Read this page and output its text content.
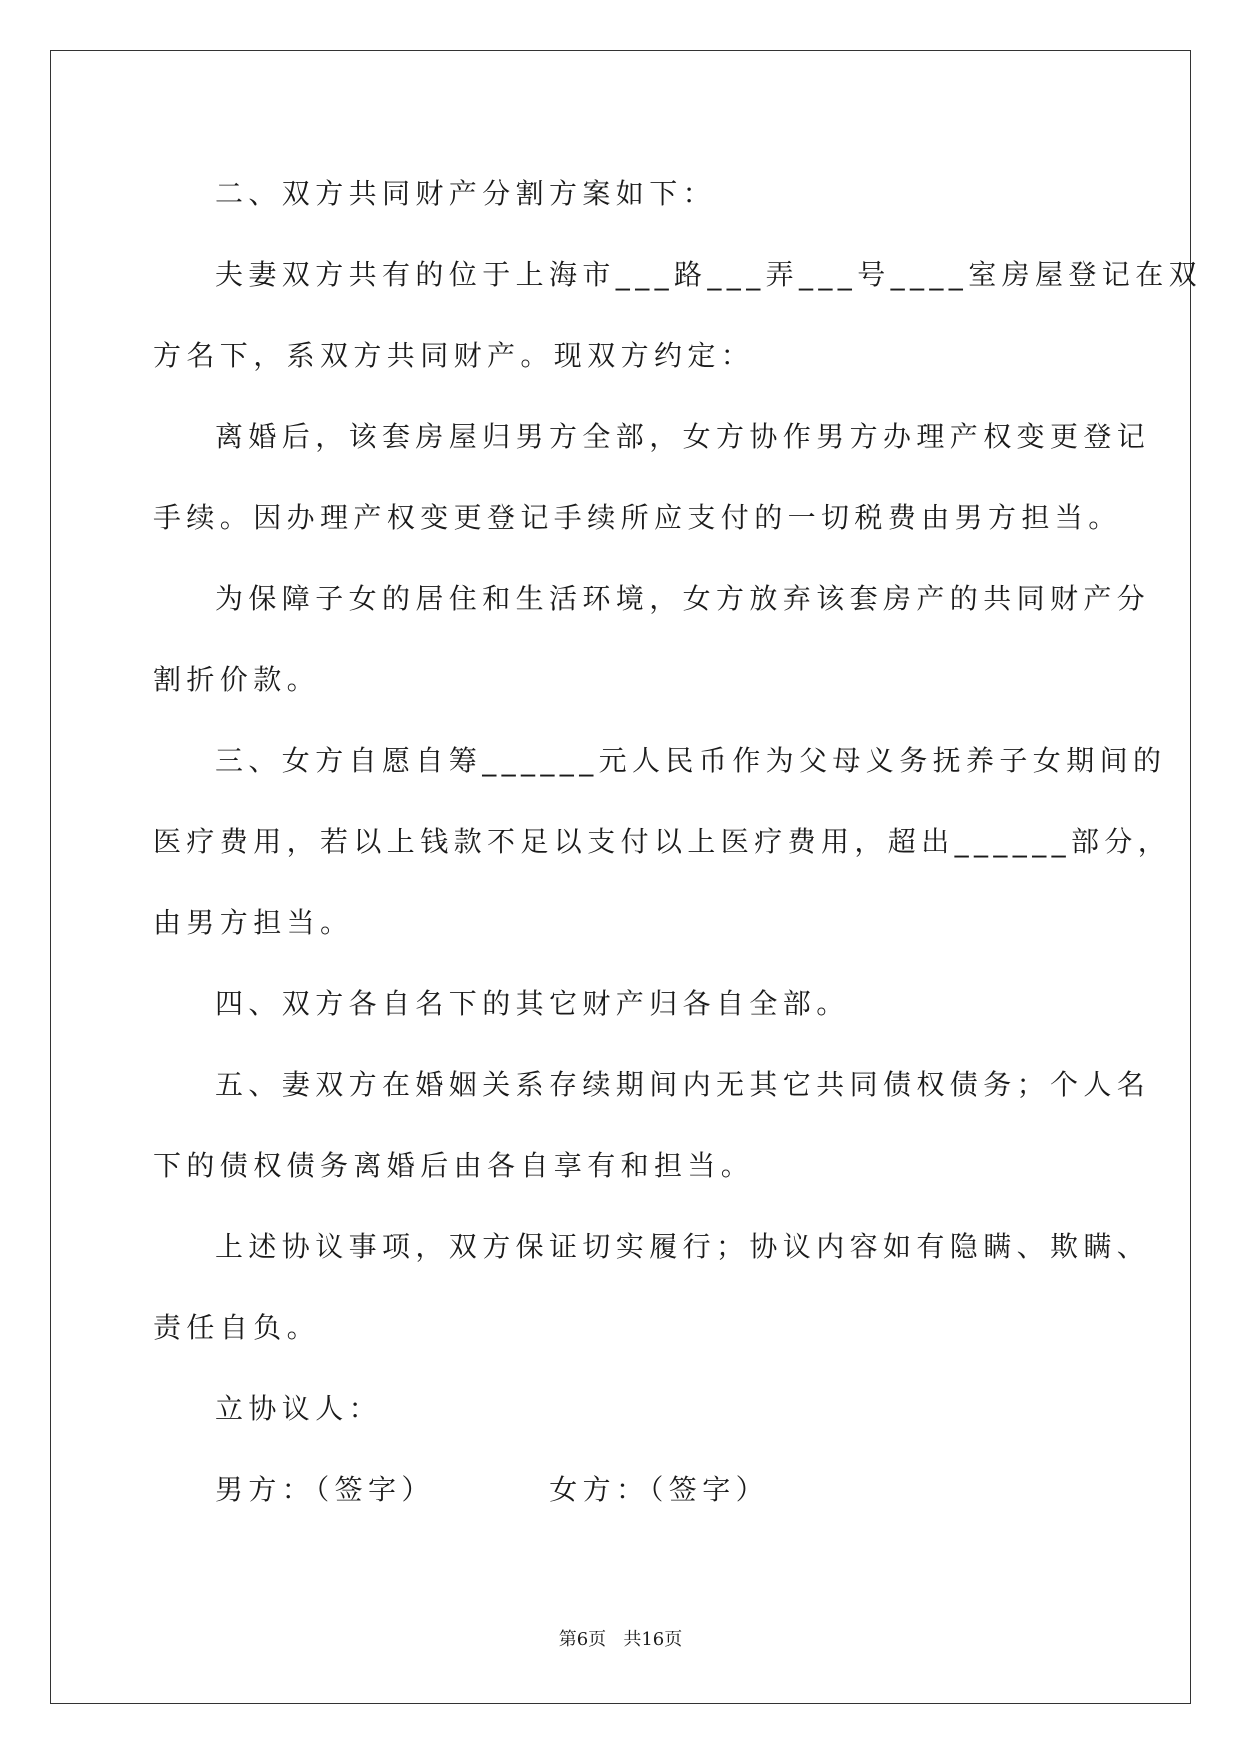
二、双方共同财产分割方案如下：
夫妻双方共有的位于上海市___路___弄___号____室房屋登记在双
方名下，系双方共同财产。现双方约定：
离婚后，该套房屋归男方全部，女方协作男方办理产权变更登记
手续。因办理产权变更登记手续所应支付的一切税费由男方担当。
为保障子女的居住和生活环境，女方放弃该套房产的共同财产分
割折价款。
三、女方自愿自筹______元人民币作为父母义务抚养子女期间的
医疗费用，若以上钱款不足以支付以上医疗费用，超出______部分，
由男方担当。
四、双方各自名下的其它财产归各自全部。
五、妻双方在婚姻关系存续期间内无其它共同债权债务；个人名
下的债权债务离婚后由各自享有和担当。
上述协议事项，双方保证切实履行；协议内容如有隐瞒、欺瞒、
责任自负。
立协议人：
男方：（签字）        女方：（签字）
第6页   共16页
